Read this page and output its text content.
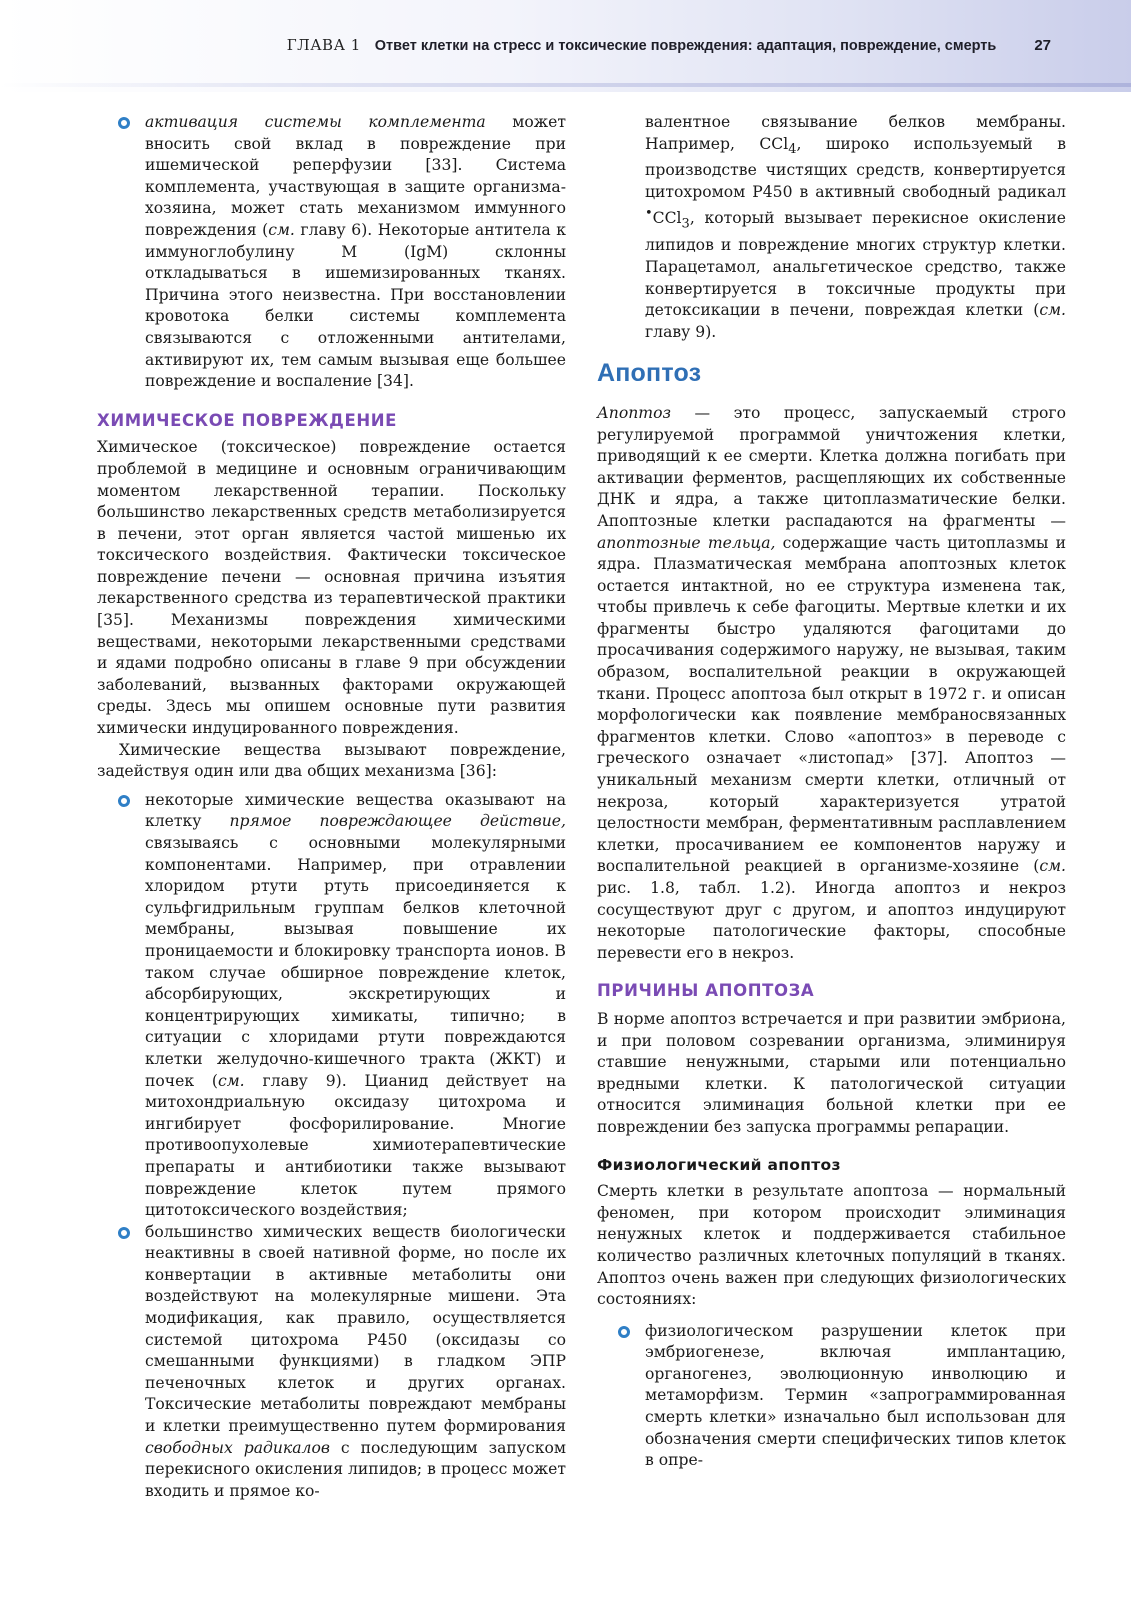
ГЛАВА 1 Ответ клетки на стресс и токсические повреждения: адаптация, повреждение, смерть	27
активация системы комплемента может вносить свой вклад в повреждение при ишемической реперфузии [33]. Система комплемента, участвующая в защите организма-хозяина, может стать механизмом иммунного повреждения (см. главу 6). Некоторые антитела к иммуноглобулину М (IgM) склонны откладываться в ишемизированных тканях. Причина этого неизвестна. При восстановлении кровотока белки системы комплемента связываются с отложенными антителами, активируют их, тем самым вызывая еще большее повреждение и воспаление [34].
ХИМИЧЕСКОЕ ПОВРЕЖДЕНИЕ

Химическое (токсическое) повреждение остается проблемой в медицине и основным ограничивающим моментом лекарственной терапии. Поскольку большинство лекарственных средств метаболизируется в печени, этот орган является частой мишенью их токсического воздействия. Фактически токсическое повреждение печени — основная причина изъятия лекарственного средства из терапевтической практики [35]. Механизмы повреждения химическими веществами, некоторыми лекарственными средствами и ядами подробно описаны в главе 9 при обсуждении заболеваний, вызванных факторами окружающей среды. Здесь мы опишем основные пути развития химически индуцированного повреждения.

Химические вещества вызывают повреждение, задействуя один или два общих механизма [36]:

некоторые химические вещества оказывают на клетку прямое повреждающее действие, связываясь с основными молекулярными компонентами. Например, при отравлении хлоридом ртути ртуть присоединяется к сульфгидрильным группам белков клеточной мембраны, вызывая повышение их проницаемости и блокировку транспорта ионов. В таком случае обширное повреждение клеток, абсорбирующих, экскретирующих и концентрирующих химикаты, типично; в ситуации с хлоридами ртути повреждаются клетки желудочно-кишечного тракта (ЖКТ) и почек (см. главу 9). Цианид действует на митохондриальную оксидазу цитохрома и ингибирует фосфорилирование. Многие противоопухолевые химиотерапевтические препараты и антибиотики также вызывают повреждение клеток путем прямого цитотоксического воздействия;
большинство химических веществ биологически неактивны в своей нативной форме, но после их конвертации в активные метаболиты они воздействуют на молекулярные мишени. Эта модификация, как правило, осуществляется системой цитохрома Р450 (оксидазы со смешанными функциями) в гладком ЭПР печеночных клеток и других органах. Токсические метаболиты повреждают мембраны и клетки преимущественно путем формирования свободных радикалов с последующим запуском перекисного окисления липидов; в процесс может входить и прямое ко-

валентное связывание белков мембраны. Например, CCl$_4$, широко используемый в производстве чистящих средств, конвертируется цитохромом Р450 в активный свободный радикал •CCl$_3$, который вызывает перекисное окисление липидов и повреждение многих структур клетки. Парацетамол, анальгетическое средство, также конвертируется в токсичные продукты при детоксикации в печени, повреждая клетки (см. главу 9).

Апоптоз

Апоптоз — это процесс, запускаемый строго регулируемой программой уничтожения клетки, приводящий к ее смерти. Клетка должна погибать при активации ферментов, расщепляющих их собственные ДНК и ядра, а также цитоплазматические белки. Апоптозные клетки распадаются на фрагменты — апоптозные тельца, содержащие часть цитоплазмы и ядра. Плазматическая мембрана апоптозных клеток остается интактной, но ее структура изменена так, чтобы привлечь к себе фагоциты. Мертвые клетки и их фрагменты быстро удаляются фагоцитами до просачивания содержимого наружу, не вызывая, таким образом, воспалительной реакции в окружающей ткани. Процесс апоптоза был открыт в 1972 г. и описан морфологически как появление мембраносвязанных фрагментов клетки. Слово «апоптоз» в переводе с греческого означает «листопад» [37]. Апоптоз — уникальный механизм смерти клетки, отличный от некроза, который характеризуется утратой целостности мембран, ферментативным расплавлением клетки, просачиванием ее компонентов наружу и воспалительной реакцией в организме-хозяине (см. рис. 1.8, табл. 1.2). Иногда апоптоз и некроз сосуществуют друг с другом, и апоптоз индуцируют некоторые патологические факторы, способные перевести его в некроз.

ПРИЧИНЫ АПОПТОЗА

В норме апоптоз встречается и при развитии эмбриона, и при половом созревании организма, элиминируя ставшие ненужными, старыми или потенциально вредными клетки. К патологической ситуации относится элиминация больной клетки при ее повреждении без запуска программы репарации.

Физиологический апоптоз

Смерть клетки в результате апоптоза — нормальный феномен, при котором происходит элиминация ненужных клеток и поддерживается стабильное количество различных клеточных популяций в тканях. Апоптоз очень важен при следующих физиологических состояниях:

физиологическом разрушении клеток при эмбриогенезе, включая имплантацию, органогенез, эволюционную инволюцию и метаморфизм. Термин «запрограммированная смерть клетки» изначально был использован для обозначения смерти специфических типов клеток в опре-
